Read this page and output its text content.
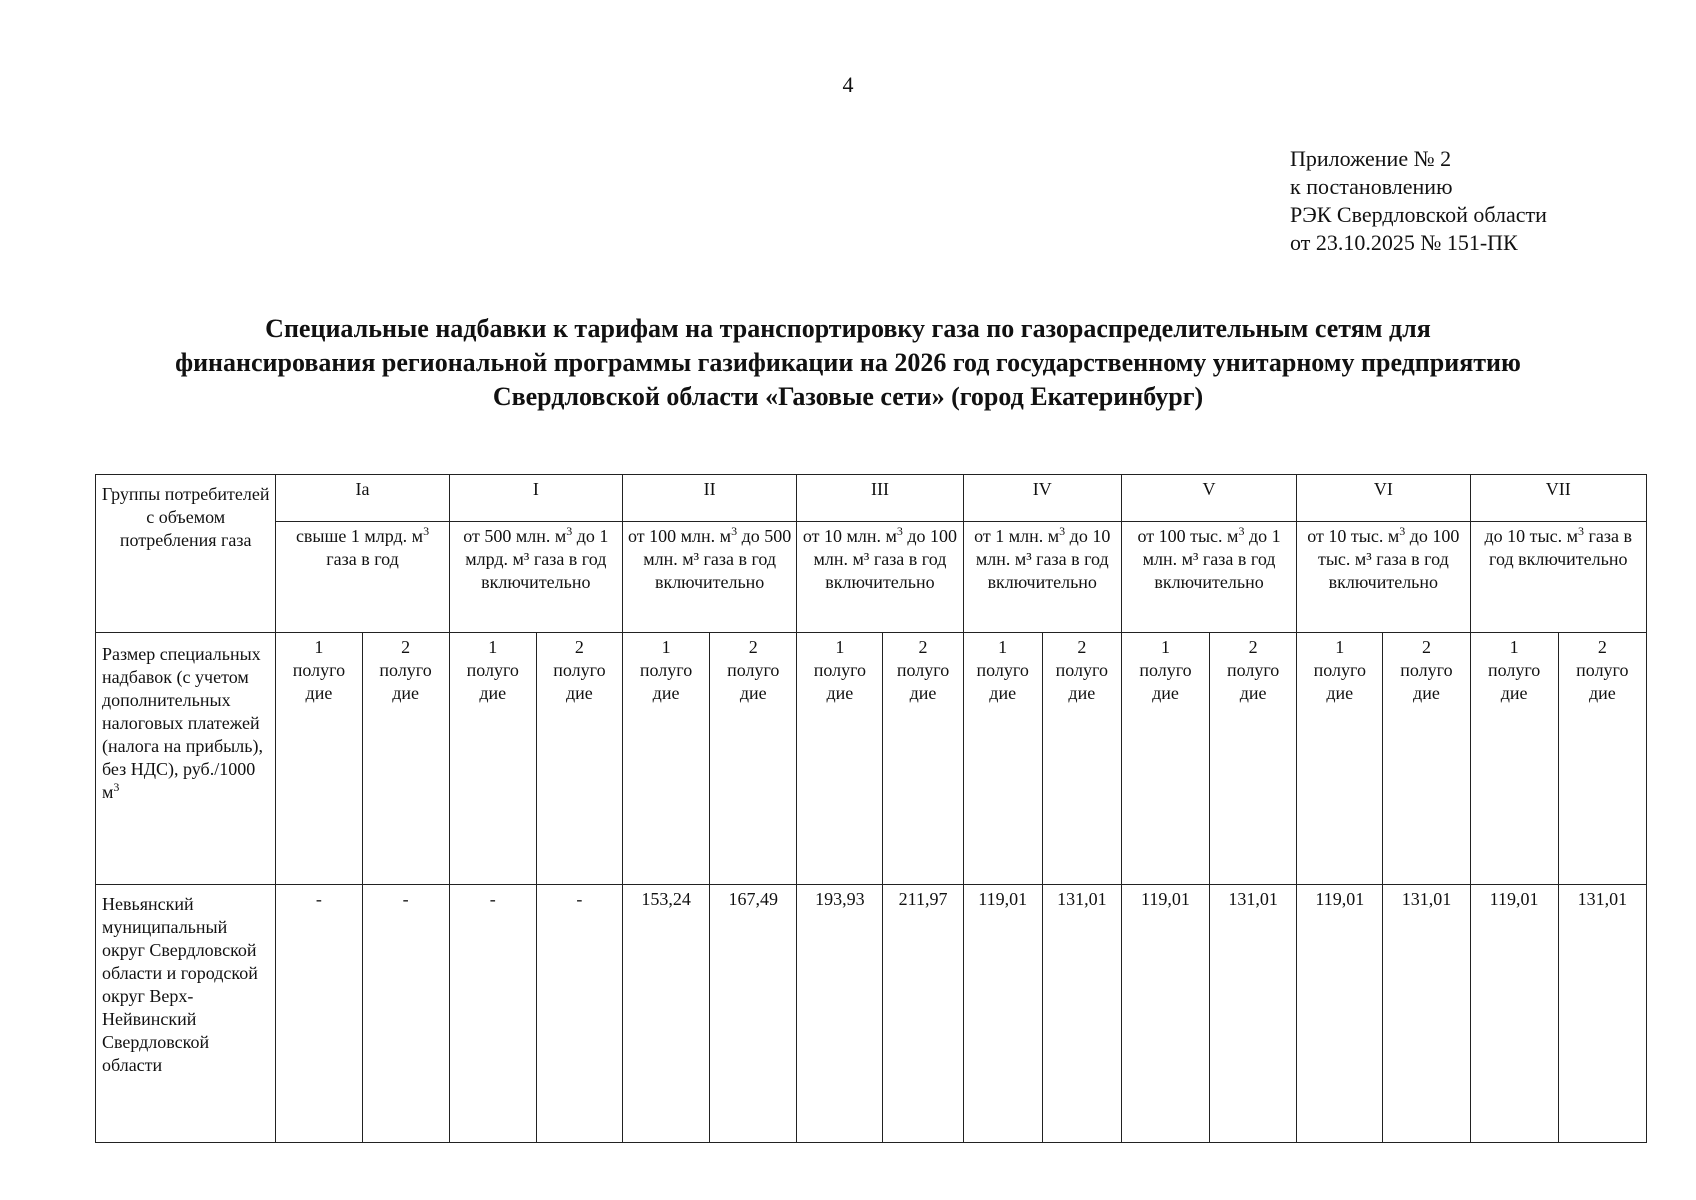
4
Приложение № 2
к постановлению
РЭК Свердловской области
от 23.10.2025 № 151-ПК
Специальные надбавки к тарифам на транспортировку газа по газораспределительным сетям для
финансирования региональной программы газификации на 2026 год государственному унитарному предприятию
Свердловской области «Газовые сети» (город Екатеринбург)
Группы потребителей с объемом потребления газа	Ia		I		II		III		IV		V		VI		VII	
	свыше 1 млрд. $м^3$ газа в год		от 500 млн. $м^3$ до 1 млрд. м³ газа в год включительно		от 100 млн. $м^3$ до 500 млн. м³ газа в год включительно		от 10 млн. $м^3$ до 100 млн. м³ газа в год включительно		от 1 млн. $м^3$ до 10 млн. м³ газа в год включительно		от 100 тыс. $м^3$ до 1 млн. м³ газа в год включительно		от 10 тыс. $м^3$ до 100 тыс. м³ газа в год включительно		до 10 тыс. $м^3$ газа в год включительно	
Размер специальных надбавок (с учетом дополнительных налоговых платежей (налога на прибыль), без НДС), руб./1000 $м^3$	1
полуго
дие	2
полуго
дие	1
полуго
дие	2
полуго
дие	1
полуго
дие	2
полуго
дие	1
полуго
дие	2
полуго
дие	1
полуго
дие	2
полуго
дие	1
полуго
дие	2
полуго
дие	1
полуго
дие	2
полуго
дие	1
полуго
дие	2
полуго
дие
Невьянский муниципальный округ Свердловской области и городской округ Верх-Нейвинский Свердловской области	-	-	-	-	153,24	167,49	193,93	211,97	119,01	131,01	119,01	131,01	119,01	131,01	119,01	131,01
